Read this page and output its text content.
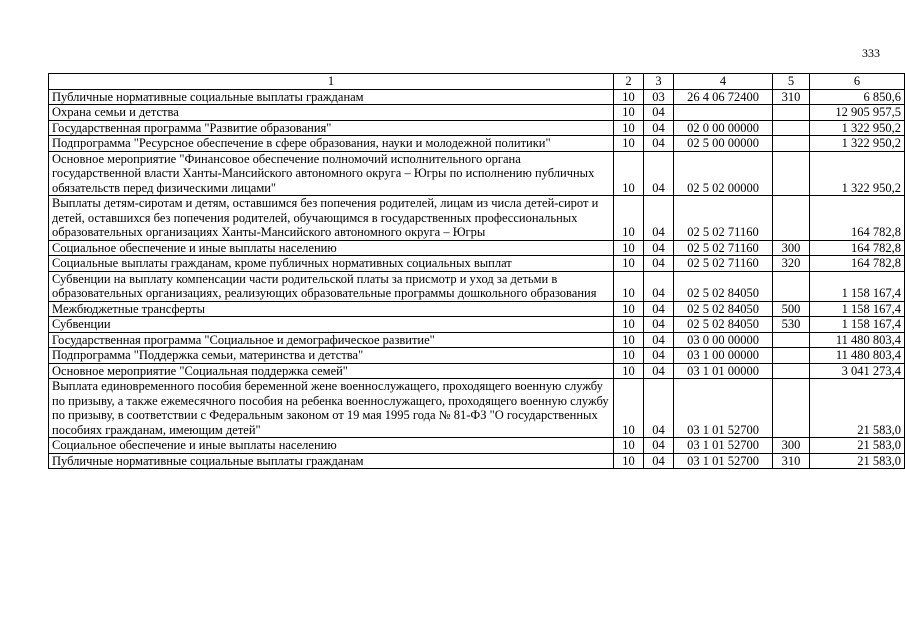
333
1	2	3	4	5	6
Публичные нормативные социальные выплаты гражданам	10	03	26 4 06 72400	310	6 850,6
Охрана семьи и детства	10	04			12 905 957,5
Государственная программа "Развитие образования"	10	04	02 0 00 00000		1 322 950,2
Подпрограмма "Ресурсное обеспечение в сфере образования, науки и молодежной политики"	10	04	02 5 00 00000		1 322 950,2
Основное мероприятие "Финансовое обеспечение полномочий исполнительного органа государственной власти Ханты-Мансийского автономного округа – Югры по исполнению публичных обязательств перед физическими лицами"	10	04	02 5 02 00000		1 322 950,2
Выплаты детям-сиротам и детям, оставшимся без попечения родителей, лицам из числа детей-сирот и детей, оставшихся без попечения родителей, обучающимся в государственных профессиональных образовательных организациях Ханты-Мансийского автономного округа – Югры	10	04	02 5 02 71160		164 782,8
Социальное обеспечение и иные выплаты населению	10	04	02 5 02 71160	300	164 782,8
Социальные выплаты гражданам, кроме публичных нормативных социальных выплат	10	04	02 5 02 71160	320	164 782,8
Субвенции на выплату компенсации части родительской платы за присмотр и уход за детьми в образовательных организациях, реализующих образовательные программы дошкольного образования	10	04	02 5 02 84050		1 158 167,4
Межбюджетные трансферты	10	04	02 5 02 84050	500	1 158 167,4
Субвенции	10	04	02 5 02 84050	530	1 158 167,4
Государственная программа "Социальное и демографическое развитие"	10	04	03 0 00 00000		11 480 803,4
Подпрограмма "Поддержка семьи, материнства и детства"	10	04	03 1 00 00000		11 480 803,4
Основное мероприятие "Социальная поддержка семей"	10	04	03 1 01 00000		3 041 273,4
Выплата единовременного пособия беременной жене военнослужащего, проходящего военную службу по призыву, а также ежемесячного пособия на ребенка военнослужащего, проходящего военную службу по призыву, в соответствии с Федеральным законом от 19 мая 1995 года № 81-ФЗ "О государственных пособиях гражданам, имеющим детей"	10	04	03 1 01 52700		21 583,0
Социальное обеспечение и иные выплаты населению	10	04	03 1 01 52700	300	21 583,0
Публичные нормативные социальные выплаты гражданам	10	04	03 1 01 52700	310	21 583,0
